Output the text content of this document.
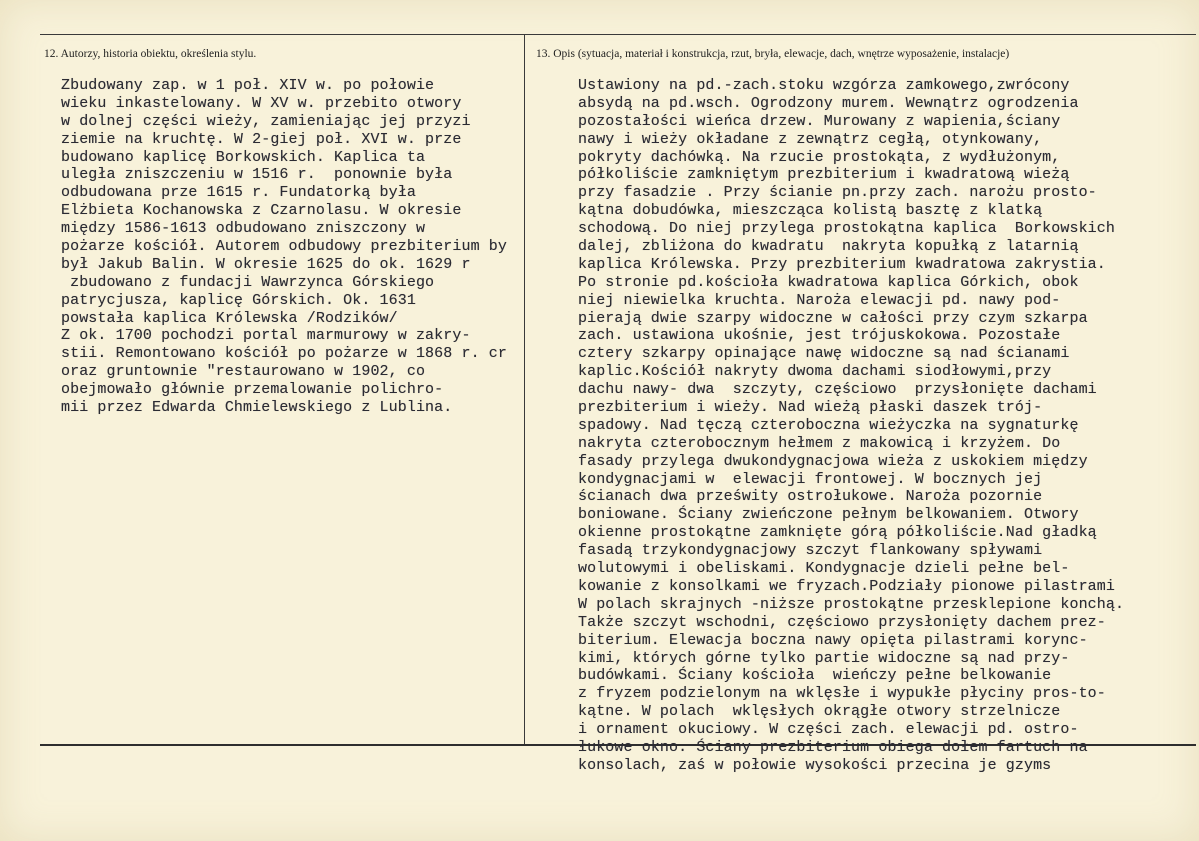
12. Autorzy, historia obiektu, określenia stylu.	13. Opis (sytuacja, materiał i konstrukcja, rzut, bryła, elewacje, dach, wnętrze wyposażenie, instalacje)
Zbudowany zap. w 1 poł. XIV w. po połowie
wieku inkastelowany. W XV w. przebito otwory
w dolnej części wieży, zamieniając jej przyzi
ziemie na kruchtę. W 2-giej poł. XVI w. prze
budowano kaplicę Borkowskich. Kaplica ta
uległa zniszczeniu w 1516 r.  ponownie była
odbudowana prze 1615 r. Fundatorką była
Elżbieta Kochanowska z Czarnolasu. W okresie
między 1586-1613 odbudowano zniszczony w
pożarze kościół. Autorem odbudowy prezbiterium by
był Jakub Balin. W okresie 1625 do ok. 1629 r
zbudowano z fundacji Wawrzynca Górskiego
patrycjusza, kaplicę Górskich. Ok. 1631
powstała kaplica Królewska /Rodzików/
Z ok. 1700 pochodzi portal marmurowy w zakry-
stii. Remontowano kościół po pożarze w 1868 r. cr
oraz gruntownie "restaurowano w 1902, co
obejmowało głównie przemalowanie polichro-
mii przez Edwarda Chmielewskiego z Lublina.
Ustawiony na pd.-zach.stoku wzgórza zamkowego,zwrócony
absydą na pd.wsch. Ogrodzony murem. Wewnątrz ogrodzenia
pozostałości wieńca drzew. Murowany z wapienia,ściany
nawy i wieży okładane z zewnątrz cegłą, otynkowany,
pokryty dachówką. Na rzucie prostokąta, z wydłużonym,
półkoliście zamkniętym prezbiterium i kwadratową wieżą
przy fasadzie . Przy ścianie pn.przy zach. narożu prosto-
kątna dobudówka, mieszcząca kolistą basztę z klatką
schodową. Do niej przylega prostokątna kaplica  Borkowskich
dalej, zbliżona do kwadratu  nakryta kopułką z latarnią
kaplica Królewska. Przy prezbiterium kwadratowa zakrystia.
Po stronie pd.kościoła kwadratowa kaplica Górkich, obok
niej niewielka kruchta. Naroża elewacji pd. nawy pod-
pierają dwie szarpy widoczne w całości przy czym szkarpa
zach. ustawiona ukośnie, jest trójuskokowa. Pozostałe
cztery szkarpy opinające nawę widoczne są nad ścianami
kaplic.Kościół nakryty dwoma dachami siodłowymi,przy
dachu nawy- dwa  szczyty, częściowo  przysłonięte dachami
prezbiterium i wieży. Nad wieżą płaski daszek trój-
spadowy. Nad tęczą czteroboczna wieżyczka na sygnaturkę
nakryta czterobocznym hełmem z makowicą i krzyżem. Do
fasady przylega dwukondygnacjowa wieża z uskokiem między
kondygnacjami w  elewacji frontowej. W bocznych jej
ścianach dwa prześwity ostrołukowe. Naroża pozornie
boniowane. Ściany zwieńczone pełnym belkowaniem. Otwory
okienne prostokątne zamknięte górą półkoliście.Nad gładką
fasadą trzykondygnacjowy szczyt flankowany spływami
wolutowymi i obeliskami. Kondygnacje dzieli pełne bel-
kowanie z konsolkami we fryzach.Podziały pionowe pilastrami
W polach skrajnych -niższe prostokątne przesklepione konchą.
Także szczyt wschodni, częściowo przysłonięty dachem prez-
biterium. Elewacja boczna nawy opięta pilastrami korync-
kimi, których górne tylko partie widoczne są nad przy-
budówkami. Ściany kościoła  wieńczy pełne belkowanie
z fryzem podzielonym na wklęsłe i wypukłe płyciny pros-to-
kątne. W polach  wklęsłych okrągłe otwory strzelnicze
i ornament okuciowy. W części zach. elewacji pd. ostro-
łukowe okno. Ściany prezbiterium obiega dołem fartuch na
konsolach, zaś w połowie wysokości przecina je gzyms
